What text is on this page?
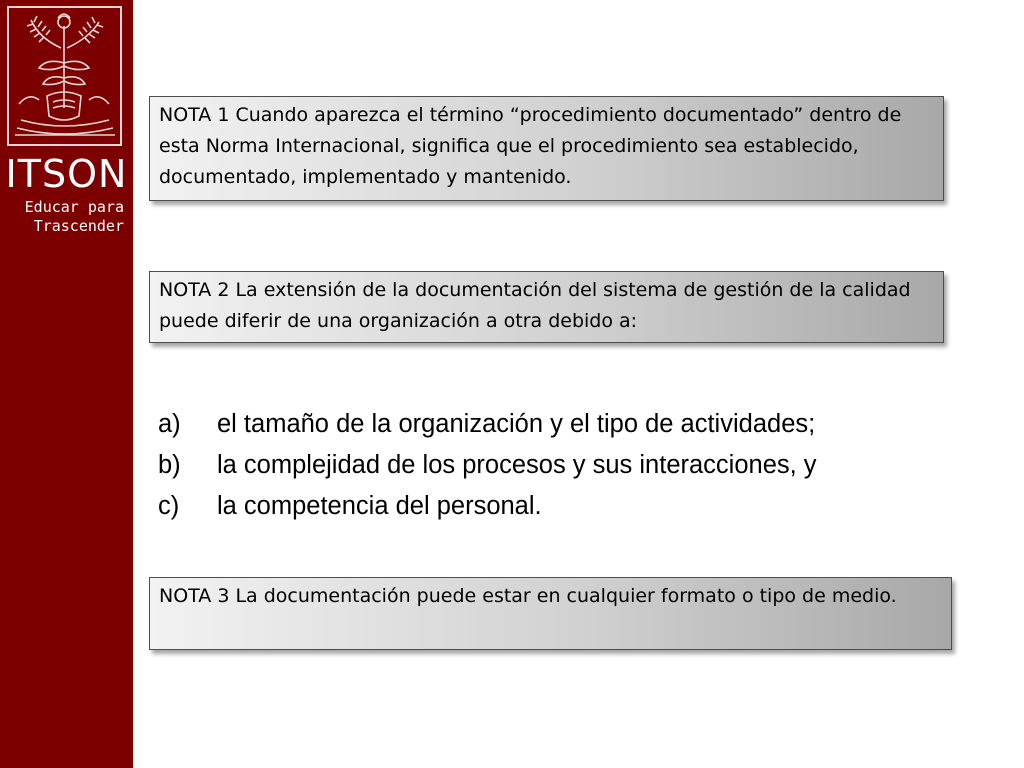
ITSON
Educar para
Trascender
NOTA 1 Cuando aparezca el término “procedimiento documentado” dentro de esta Norma Internacional, significa que el procedimiento sea establecido, documentado, implementado y mantenido.
NOTA 2 La extensión de la documentación del sistema de gestión de la calidad puede diferir de una organización a otra debido a:
a) el tamaño de la organización y el tipo de actividades;
b) la complejidad de los procesos y sus interacciones, y
c) la competencia del personal.
NOTA 3 La documentación puede estar en cualquier formato o tipo de medio.
